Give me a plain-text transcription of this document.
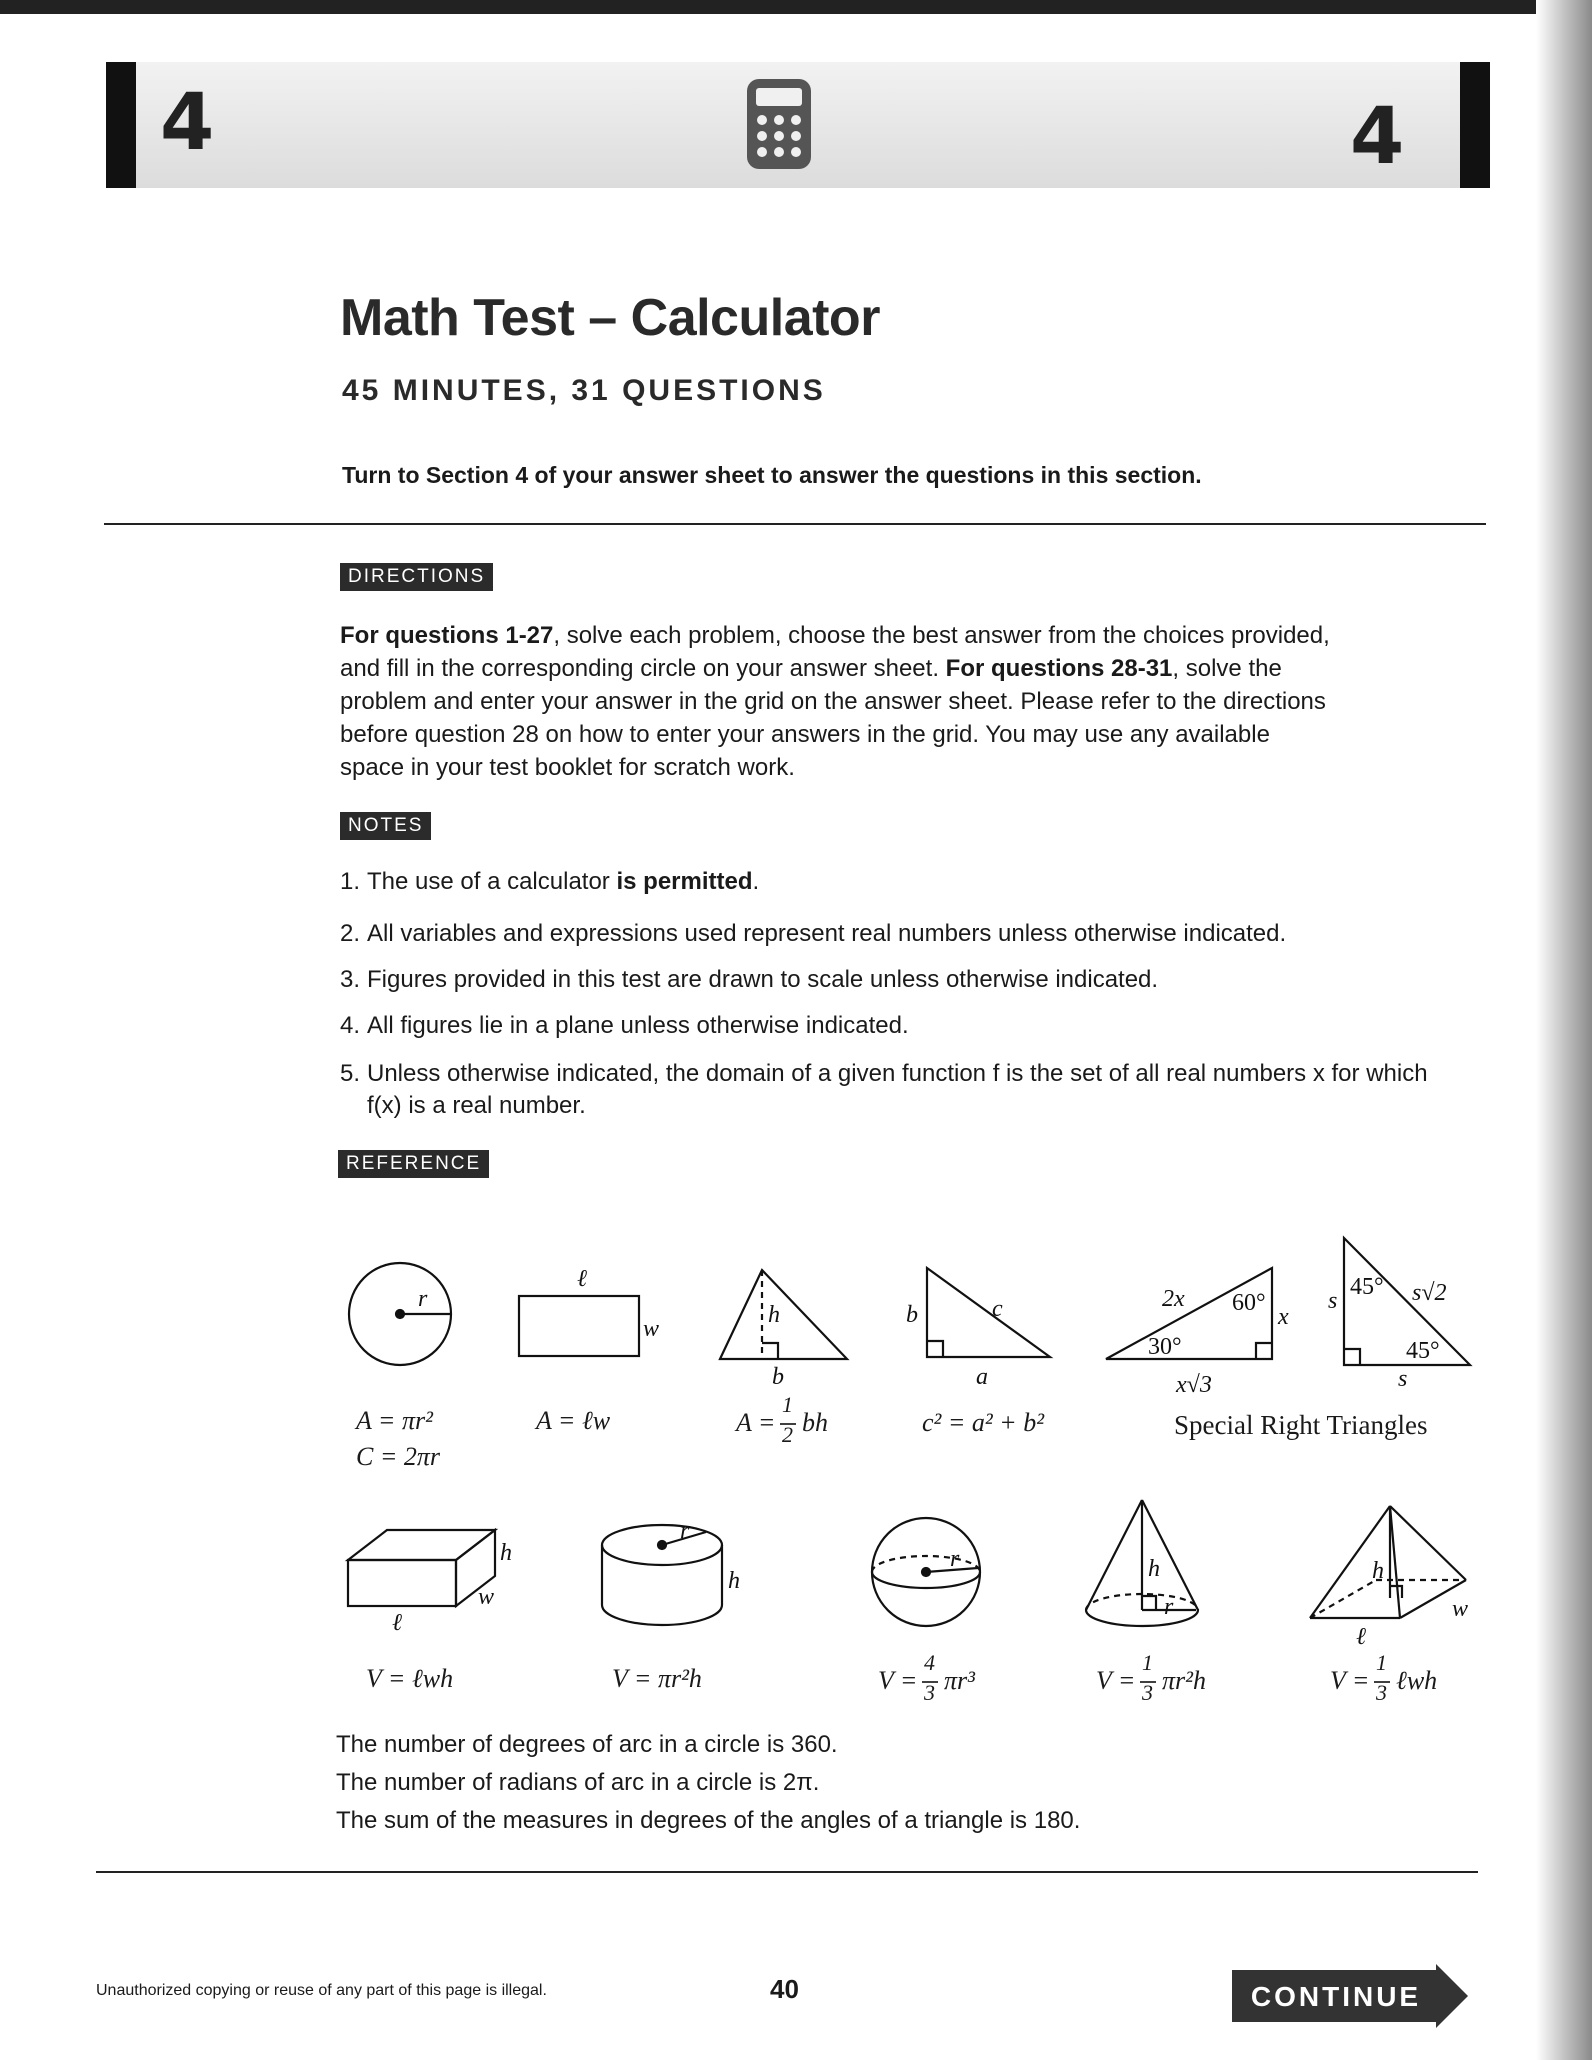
4	4
Math Test – Calculator
45 MINUTES, 31 QUESTIONS
Turn to Section 4 of your answer sheet to answer the questions in this section.
DIRECTIONS
For questions 1-27, solve each problem, choose the best answer from the choices provided, and fill in the corresponding circle on your answer sheet. For questions 28-31, solve the problem and enter your answer in the grid on the answer sheet. Please refer to the directions before question 28 on how to enter your answers in the grid. You may use any available space in your test booklet for scratch work.
NOTES
1. The use of a calculator is permitted.
2. All variables and expressions used represent real numbers unless otherwise indicated.
3. Figures provided in this test are drawn to scale unless otherwise indicated.
4. All figures lie in a plane unless otherwise indicated.
5. Unless otherwise indicated, the domain of a given function f is the set of all real numbers x for which f(x) is a real number.
REFERENCE
r
ℓ
w
h
b
b	c
a
2x 60°
x
30°
x√3
s
45° s√2
45°
s
h
w
ℓ
r
h
r	h
r
h
w
ℓ
A = πr²
C = 2πr
A = ℓw	A =
1
2 bh	c² = a² + b²	Special Right Triangles
V = ℓwh	V = πr²h	V =
4
3 πr³	V =
1
3 πr²h	V =
1
3 ℓwh
The number of degrees of arc in a circle is 360.
The number of radians of arc in a circle is 2π.
The sum of the measures in degrees of the angles of a triangle is 180.
Unauthorized copying or reuse of any part of this page is illegal.	40	CONTINUE
